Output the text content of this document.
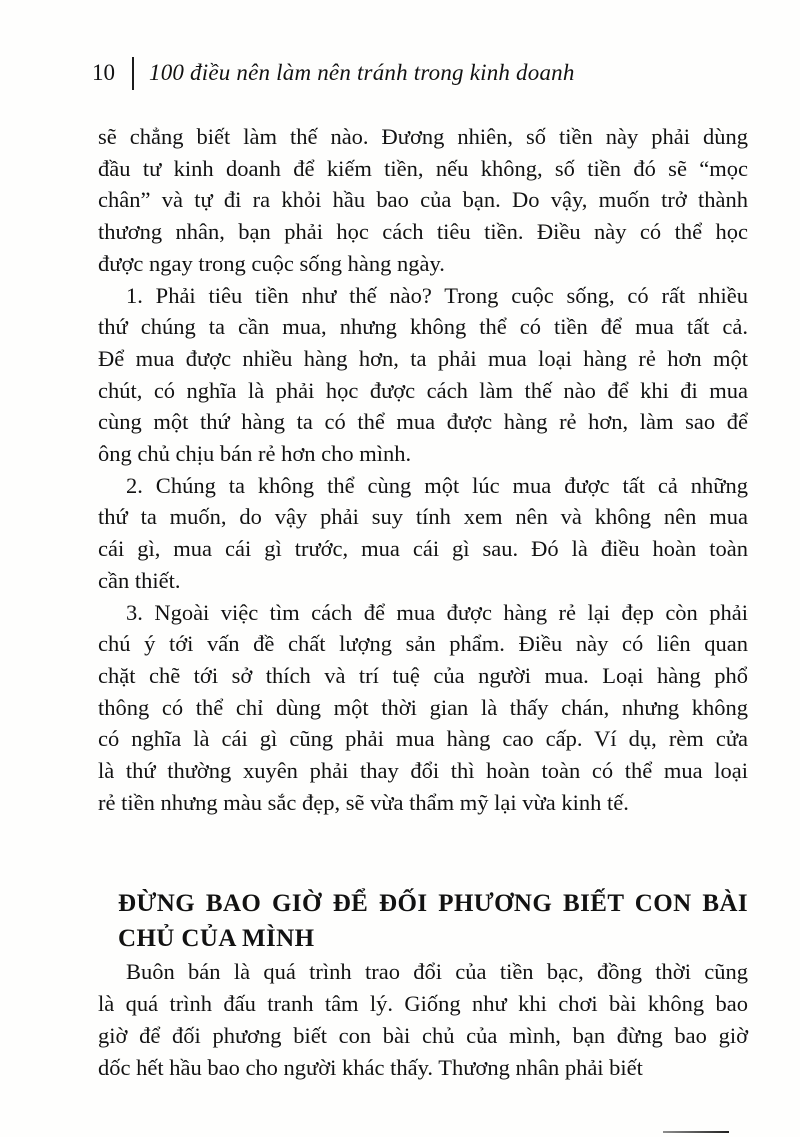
10 100 điều nên làm nên tránh trong kinh doanh
sẽ chẳng biết làm thế nào. Đương nhiên, số tiền này phải dùng
đầu tư kinh doanh để kiếm tiền, nếu không, số tiền đó sẽ “mọc
chân” và tự đi ra khỏi hầu bao của bạn. Do vậy, muốn trở thành
thương nhân, bạn phải học cách tiêu tiền. Điều này có thể học
được ngay trong cuộc sống hàng ngày.
1. Phải tiêu tiền như thế nào? Trong cuộc sống, có rất nhiều
thứ chúng ta cần mua, nhưng không thể có tiền để mua tất cả.
Để mua được nhiều hàng hơn, ta phải mua loại hàng rẻ hơn một
chút, có nghĩa là phải học được cách làm thế nào để khi đi mua
cùng một thứ hàng ta có thể mua được hàng rẻ hơn, làm sao để
ông chủ chịu bán rẻ hơn cho mình.
2. Chúng ta không thể cùng một lúc mua được tất cả những
thứ ta muốn, do vậy phải suy tính xem nên và không nên mua
cái gì, mua cái gì trước, mua cái gì sau. Đó là điều hoàn toàn
cần thiết.
3. Ngoài việc tìm cách để mua được hàng rẻ lại đẹp còn phải
chú ý tới vấn đề chất lượng sản phẩm. Điều này có liên quan
chặt chẽ tới sở thích và trí tuệ của người mua. Loại hàng phổ
thông có thể chỉ dùng một thời gian là thấy chán, nhưng không
có nghĩa là cái gì cũng phải mua hàng cao cấp. Ví dụ, rèm cửa
là thứ thường xuyên phải thay đổi thì hoàn toàn có thể mua loại
rẻ tiền nhưng màu sắc đẹp, sẽ vừa thẩm mỹ lại vừa kinh tế.
ĐỪNG BAO GIỜ ĐỂ ĐỐI PHƯƠNG BIẾT CON BÀI
CHỦ CỦA MÌNH
Buôn bán là quá trình trao đổi của tiền bạc, đồng thời cũng
là quá trình đấu tranh tâm lý. Giống như khi chơi bài không bao
giờ để đối phương biết con bài chủ của mình, bạn đừng bao giờ
dốc hết hầu bao cho người khác thấy. Thương nhân phải biết
